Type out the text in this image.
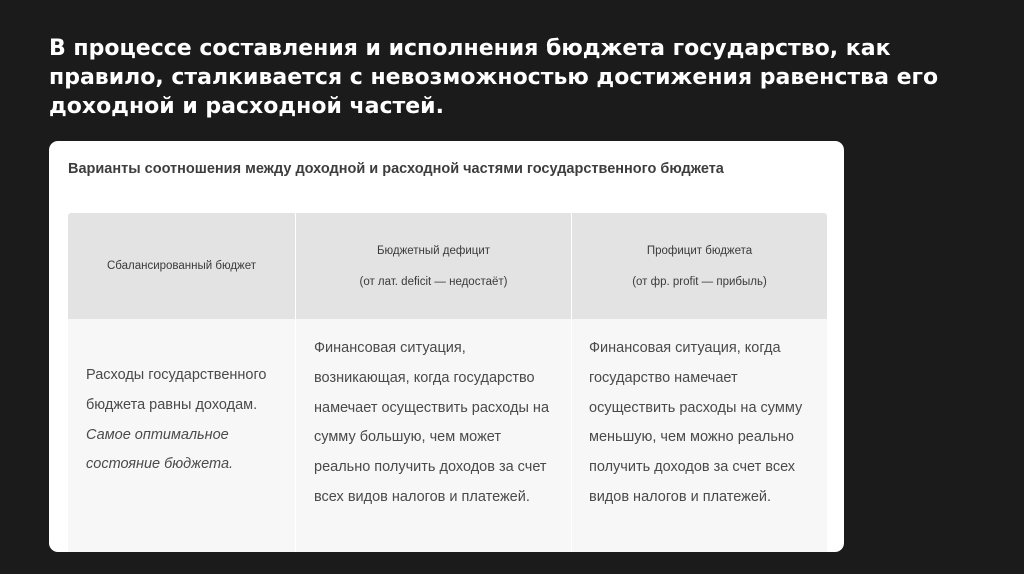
В процессе составления и исполнения бюджета государство, как правило, сталкивается с невозможностью достижения равенства его доходной и расходной частей.
Варианты соотношения между доходной и расходной частями государственного бюджета
Сбалансированный бюджет
Бюджетный дефицит
(от лат. deficit — недостаёт)
Профицит бюджета
(от фр. profit — прибыль)

Расходы государственного бюджета равны доходам.

Самое оптимальное состояние бюджета.

Финансовая ситуация, возникающая, когда государство намечает осуществить расходы на сумму большую, чем может реально получить доходов за счет всех видов налогов и платежей.

Финансовая ситуация, когда государство намечает осуществить расходы на сумму меньшую, чем можно реально получить доходов за счет всех видов налогов и платежей.
